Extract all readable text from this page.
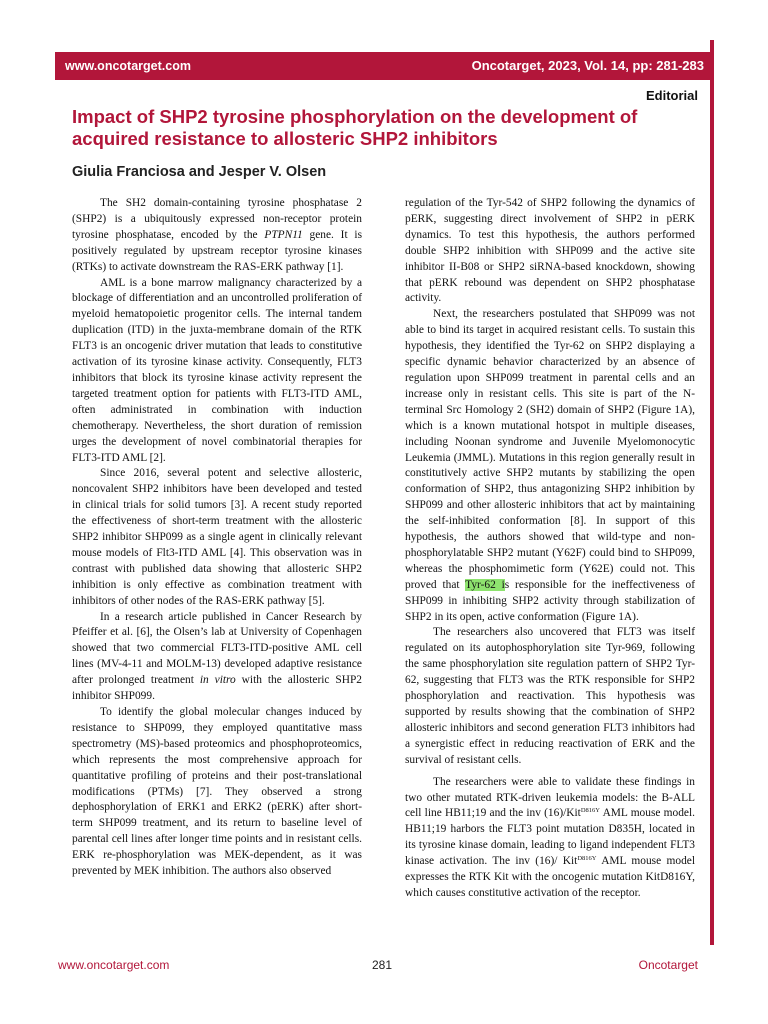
www.oncotarget.com	Oncotarget, 2023, Vol. 14, pp: 281-283
Editorial
Impact of SHP2 tyrosine phosphorylation on the development of acquired resistance to allosteric SHP2 inhibitors
Giulia Franciosa and Jesper V. Olsen

The SH2 domain-containing tyrosine phosphatase 2 (SHP2) is a ubiquitously expressed non-receptor protein tyrosine phosphatase, encoded by the PTPN11 gene. It is positively regulated by upstream receptor tyrosine kinases (RTKs) to activate downstream the RAS-ERK pathway [1].

AML is a bone marrow malignancy characterized by a blockage of differentiation and an uncontrolled proliferation of myeloid hematopoietic progenitor cells. The internal tandem duplication (ITD) in the juxta-membrane domain of the RTK FLT3 is an oncogenic driver mutation that leads to constitutive activation of its tyrosine kinase activity. Consequently, FLT3 inhibitors that block its tyrosine kinase activity represent the targeted treatment option for patients with FLT3-ITD AML, often administrated in combination with induction chemotherapy. Nevertheless, the short duration of remission urges the development of novel combinatorial therapies for FLT3-ITD AML [2].

Since 2016, several potent and selective allosteric, noncovalent SHP2 inhibitors have been developed and tested in clinical trials for solid tumors [3]. A recent study reported the effectiveness of short-term treatment with the allosteric SHP2 inhibitor SHP099 as a single agent in clinically relevant mouse models of Flt3-ITD AML [4]. This observation was in contrast with published data showing that allosteric SHP2 inhibition is only effective as combination treatment with inhibitors of other nodes of the RAS-ERK pathway [5].

In a research article published in Cancer Research by Pfeiffer et al. [6], the Olsen’s lab at University of Copenhagen showed that two commercial FLT3-ITD-positive AML cell lines (MV-4-11 and MOLM-13) developed adaptive resistance after prolonged treatment in vitro with the allosteric SHP2 inhibitor SHP099.

To identify the global molecular changes induced by resistance to SHP099, they employed quantitative mass spectrometry (MS)-based proteomics and phosphoproteomics, which represents the most comprehensive approach for quantitative profiling of proteins and their post-translational modifications (PTMs) [7]. They observed a strong dephosphorylation of ERK1 and ERK2 (pERK) after short-term SHP099 treatment, and its return to baseline level of parental cell lines after longer time points and in resistant cells. ERK re-phosphorylation was MEK-dependent, as it was prevented by MEK inhibition. The authors also observed

regulation of the Tyr-542 of SHP2 following the dynamics of pERK, suggesting direct involvement of SHP2 in pERK dynamics. To test this hypothesis, the authors performed double SHP2 inhibition with SHP099 and the active site inhibitor II-B08 or SHP2 siRNA-based knockdown, showing that pERK rebound was dependent on SHP2 phosphatase activity.

Next, the researchers postulated that SHP099 was not able to bind its target in acquired resistant cells. To sustain this hypothesis, they identified the Tyr-62 on SHP2 displaying a specific dynamic behavior characterized by an absence of regulation upon SHP099 treatment in parental cells and an increase only in resistant cells. This site is part of the N-terminal Src Homology 2 (SH2) domain of SHP2 (Figure 1A), which is a known mutational hotspot in multiple diseases, including Noonan syndrome and Juvenile Myelomonocytic Leukemia (JMML). Mutations in this region generally result in constitutively active SHP2 mutants by stabilizing the open conformation of SHP2, thus antagonizing SHP2 inhibition by SHP099 and other allosteric inhibitors that act by maintaining the self-inhibited conformation [8]. In support of this hypothesis, the authors showed that wild-type and non-phosphorylatable SHP2 mutant (Y62F) could bind to SHP099, whereas the phosphomimetic form (Y62E) could not. This proved that Tyr-62 is responsible for the ineffectiveness of SHP099 in inhibiting SHP2 activity through stabilization of SHP2 in its open, active conformation (Figure 1A).

The researchers also uncovered that FLT3 was itself regulated on its autophosphorylation site Tyr-969, following the same phosphorylation site regulation pattern of SHP2 Tyr-62, suggesting that FLT3 was the RTK responsible for SHP2 phosphorylation and reactivation. This hypothesis was supported by results showing that the combination of SHP2 allosteric inhibitors and second generation FLT3 inhibitors had a synergistic effect in reducing reactivation of ERK and the survival of resistant cells.

The researchers were able to validate these findings in two other mutated RTK-driven leukemia models: the B-ALL cell line HB11;19 and the inv (16)/Kit$^{D816Y}$ AML mouse model. HB11;19 harbors the FLT3 point mutation D835H, located in its tyrosine kinase domain, leading to ligand independent FLT3 kinase activation. The inv (16)/ Kit$^{D816Y}$ AML mouse model expresses the RTK Kit with the oncogenic mutation KitD816Y, which causes constitutive activation of the receptor.

www.oncotarget.com	281	Oncotarget
